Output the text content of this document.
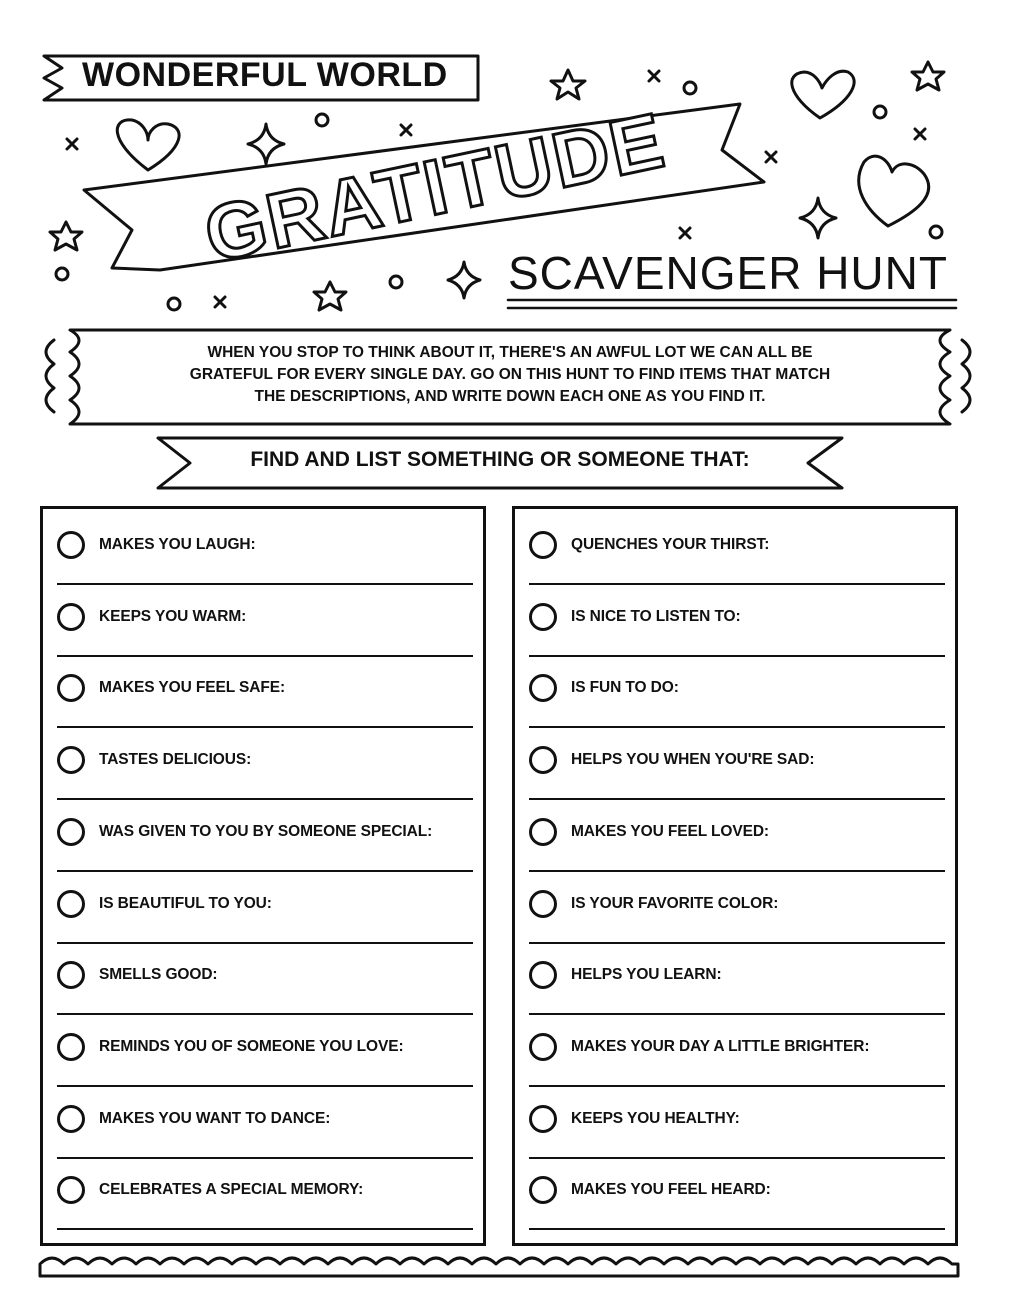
GRATITUDE
WONDERFUL WORLD
SCAVENGER HUNT
WHEN YOU STOP TO THINK ABOUT IT, THERE'S AN AWFUL LOT WE CAN ALL BE
GRATEFUL FOR EVERY SINGLE DAY. GO ON THIS HUNT TO FIND ITEMS THAT MATCH
THE DESCRIPTIONS, AND WRITE DOWN EACH ONE AS YOU FIND IT.
FIND AND LIST SOMETHING OR SOMEONE THAT:
MAKES YOU LAUGH:
KEEPS YOU WARM:
MAKES YOU FEEL SAFE:
TASTES DELICIOUS:
WAS GIVEN TO YOU BY SOMEONE SPECIAL:
IS BEAUTIFUL TO YOU:
SMELLS GOOD:
REMINDS YOU OF SOMEONE YOU LOVE:
MAKES YOU WANT TO DANCE:
CELEBRATES A SPECIAL MEMORY:
QUENCHES YOUR THIRST:
IS NICE TO LISTEN TO:
IS FUN TO DO:
HELPS YOU WHEN YOU'RE SAD:
MAKES YOU FEEL LOVED:
IS YOUR FAVORITE COLOR:
HELPS YOU LEARN:
MAKES YOUR DAY A LITTLE BRIGHTER:
KEEPS YOU HEALTHY:
MAKES YOU FEEL HEARD:
